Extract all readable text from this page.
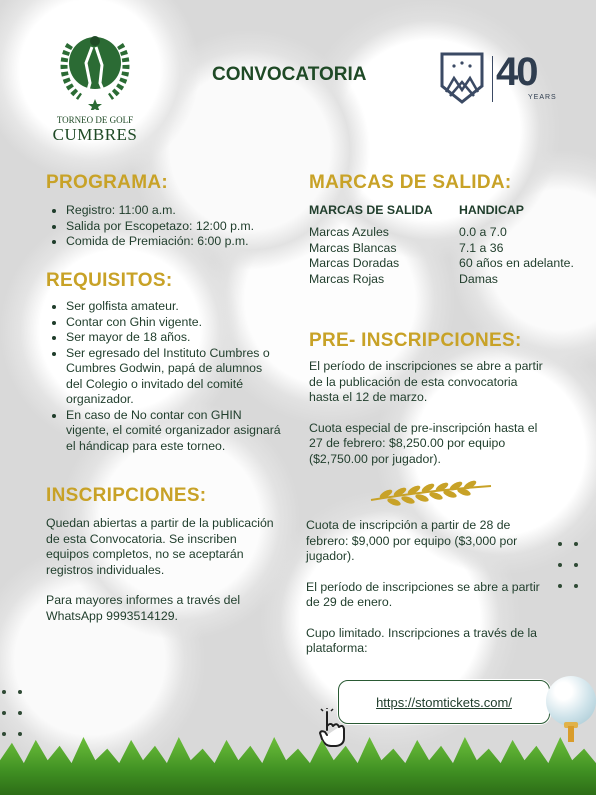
TORNEO DE GOLF
CUMBRES
CONVOCATORIA	40
YEARS
PROGRAMA:
• Registro: 11:00 a.m.
• Salida por Escopetazo: 12:00 p.m.
• Comida de Premiación: 6:00 p.m.
REQUISITOS:
• Ser golfista amateur.
• Contar con Ghin vigente.
• Ser mayor de 18 años.
• Ser egresado del Instituto Cumbres o Cumbres Godwin, papá de alumnos del Colegio o invitado del comité organizador.
• En caso de No contar con GHIN vigente, el comité organizador asignará el hándicap para este torneo.
INSCRIPCIONES:

Quedan abiertas a partir de la publicación de esta Convocatoria. Se inscriben equipos completos, no se aceptarán registros individuales.

Para mayores informes a través del WhatsApp 9993514129.

MARCAS DE SALIDA:
MARCAS DE SALIDA	HANDICAP
Marcas Azules	0.0 a 7.0
Marcas Blancas	7.1 a 36
Marcas Doradas	60 años en adelante.
Marcas Rojas	Damas
PRE- INSCRIPCIONES:

El período de inscripciones se abre a partir de la publicación de esta convocatoria hasta el 12 de marzo.

Cuota especial de pre-inscripción hasta el 27 de febrero: $8,250.00 por equipo ($2,750.00 por jugador).

Cuota de inscripción a partir de 28 de febrero: $9,000 por equipo ($3,000 por jugador).

El período de inscripciones se abre a partir de 29 de enero.

Cupo limitado. Inscripciones a través de la plataforma:

https://stomtickets.com/
